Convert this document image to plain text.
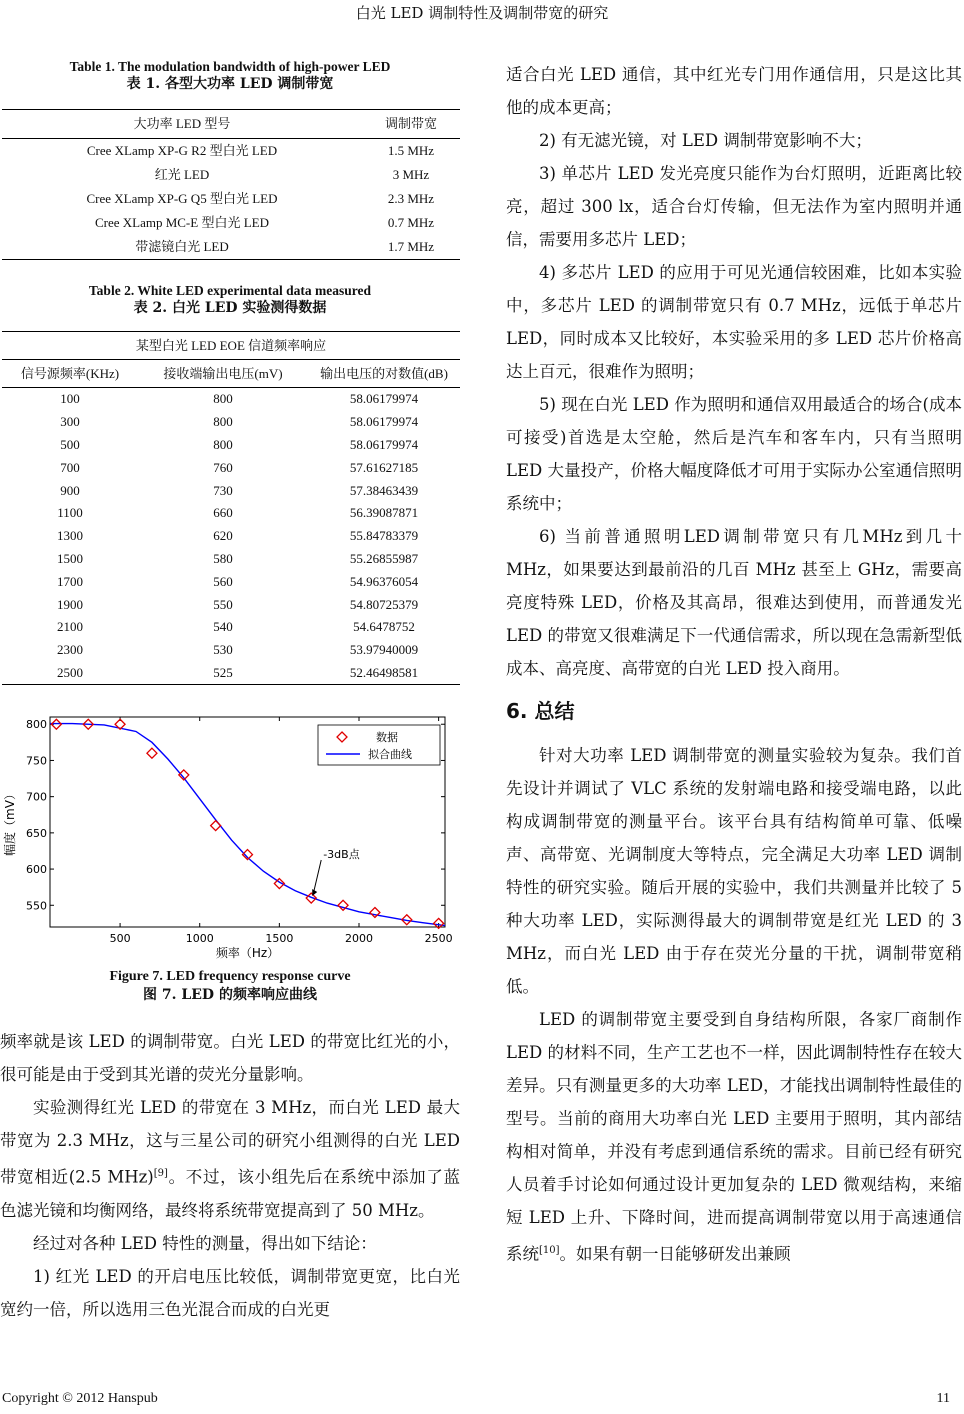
白光 LED 调制特性及调制带宽的研究
Table 1. The modulation bandwidth of high-power LED
表 1. 各型大功率 LED 调制带宽
大功率 LED 型号	调制带宽
Cree XLamp XP-G R2 型白光 LED	1.5 MHz
红光 LED	3 MHz
Cree XLamp XP-G Q5 型白光 LED	2.3 MHz
Cree XLamp MC-E 型白光 LED	0.7 MHz
带滤镜白光 LED	1.7 MHz
Table 2. White LED experimental data measured
表 2. 白光 LED 实验测得数据
某型白光 LED EOE 信道频率响应		
信号源频率(KHz)	接收端输出电压(mV)	输出电压的对数值(dB)
100	800	58.06179974
300	800	58.06179974
500	800	58.06179974
700	760	57.61627185
900	730	57.38463439
1100	660	56.39087871
1300	620	55.84783379
1500	580	55.26855987
1700	560	54.96376054
1900	550	54.80725379
2100	540	54.6478752
2300	530	53.97940009
2500	525	52.46498581
500	1000	1500	2000	2500
550
600
650
700
750
800
频率（Hz）
幅度（mV）	-3dB点
数据
拟合曲线
Figure 7. LED frequency response curve
图 7. LED 的频率响应曲线

频率就是该 LED 的调制带宽。白光 LED 的带宽比红光的小，很可能是由于受到其光谱的荧光分量影响。

实验测得红光 LED 的带宽在 3 MHz，而白光 LED 最大带宽为 2.3 MHz，这与三星公司的研究小组测得的白光 LED 带宽相近(2.5 MHz)[9]。不过，该小组先后在系统中添加了蓝色滤光镜和均衡网络，最终将系统带宽提高到了 50 MHz。

经过对各种 LED 特性的测量，得出如下结论：

1) 红光 LED 的开启电压比较低，调制带宽更宽，比白光宽约一倍，所以选用三色光混合而成的白光更

适合白光 LED 通信，其中红光专门用作通信用，只是这比其他的成本更高；

2) 有无滤光镜，对 LED 调制带宽影响不大；

3) 单芯片 LED 发光亮度只能作为台灯照明，近距离比较亮，超过 300 lx，适合台灯传输，但无法作为室内照明并通信，需要用多芯片 LED；

4) 多芯片 LED 的应用于可见光通信较困难，比如本实验中，多芯片 LED 的调制带宽只有 0.7 MHz，远低于单芯片 LED，同时成本又比较好，本实验采用的多 LED 芯片价格高达上百元，很难作为照明；

5) 现在白光 LED 作为照明和通信双用最适合的场合(成本可接受)首选是太空舱，然后是汽车和客车内，只有当照明 LED 大量投产，价格大幅度降低才可用于实际办公室通信照明系统中；

6) 当前普通照明LED调制带宽只有几MHz到几十 MHz，如果要达到最前沿的几百 MHz 甚至上 GHz，需要高亮度特殊 LED，价格及其高昂，很难达到使用，而普通发光 LED 的带宽又很难满足下一代通信需求，所以现在急需新型低成本、高亮度、高带宽的白光 LED 投入商用。

6. 总结

针对大功率 LED 调制带宽的测量实验较为复杂。我们首先设计并调试了 VLC 系统的发射端电路和接受端电路，以此构成调制带宽的测量平台。该平台具有结构简单可靠、低噪声、高带宽、光调制度大等特点，完全满足大功率 LED 调制特性的研究实验。随后开展的实验中，我们共测量并比较了 5 种大功率 LED，实际测得最大的调制带宽是红光 LED 的 3 MHz，而白光 LED 由于存在荧光分量的干扰，调制带宽稍低。

LED 的调制带宽主要受到自身结构所限，各家厂商制作 LED 的材料不同，生产工艺也不一样，因此调制特性存在较大差异。只有测量更多的大功率 LED，才能找出调制特性最佳的型号。当前的商用大功率白光 LED 主要用于照明，其内部结构相对简单，并没有考虑到通信系统的需求。目前已经有研究人员着手讨论如何通过设计更加复杂的 LED 微观结构，来缩短 LED 上升、下降时间，进而提高调制带宽以用于高速通信系统[10]。如果有朝一日能够研发出兼顾

Copyright © 2012 Hanspub	11
